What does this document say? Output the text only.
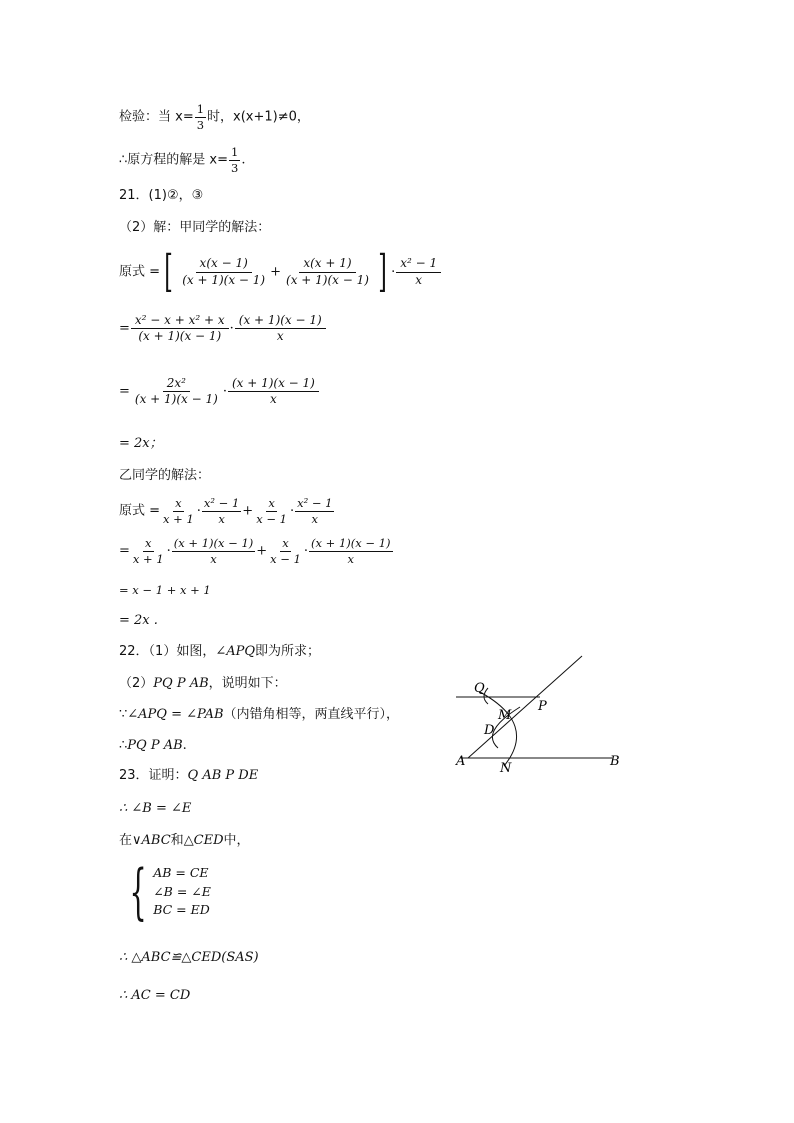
检验：当 $x= \frac{1}{3}$ 时，x(x+1)≠0，
∴原方程的解是 $x= \frac{1}{3}$ .
21．(1)②，③
（2）解：甲同学的解法：
原式 =[ $\frac{x(x - 1)}{(x + 1)(x - 1)} + \frac{x(x + 1)}{(x + 1)(x - 1)}$ ] · $\frac{\text{x² − 1}}{x}$
= $\frac{\text{x² − x + x² + x}}{(x + 1)(x - 1)} \cdot \frac{(x + 1)(x - 1)}{x}$
= $\frac{\text{2x²}}{(x + 1)(x - 1)} \cdot \frac{(x + 1)(x - 1)}{x}$
= 2x；
乙同学的解法：
原式 = $\frac{x}{x + 1} \cdot \frac{\text{x² − 1}}{x} + \frac{x}{x - 1} \cdot \frac{\text{x² − 1}}{x}$
= $\frac{x}{x + 1} \cdot \frac{(x + 1)(x - 1)}{x} + \frac{x}{x - 1} \cdot \frac{(x + 1)(x - 1)}{x}$
= x − 1 + x + 1
= 2x .
22．（1）如图，∠APQ即为所求；
（2）PQ P AB，说明如下：
∵∠APQ = ∠PAB（内错角相等，两直线平行），
∴PQ P AB.
Q
P
M
D
A	N	B
23．证明：Q AB P DE
∴ ∠B = ∠E
在∨ABC和△CED中，
{ AB = CE
∠B = ∠E
BC = ED
∴ △ABC≌△CED(SAS)
∴ AC = CD
